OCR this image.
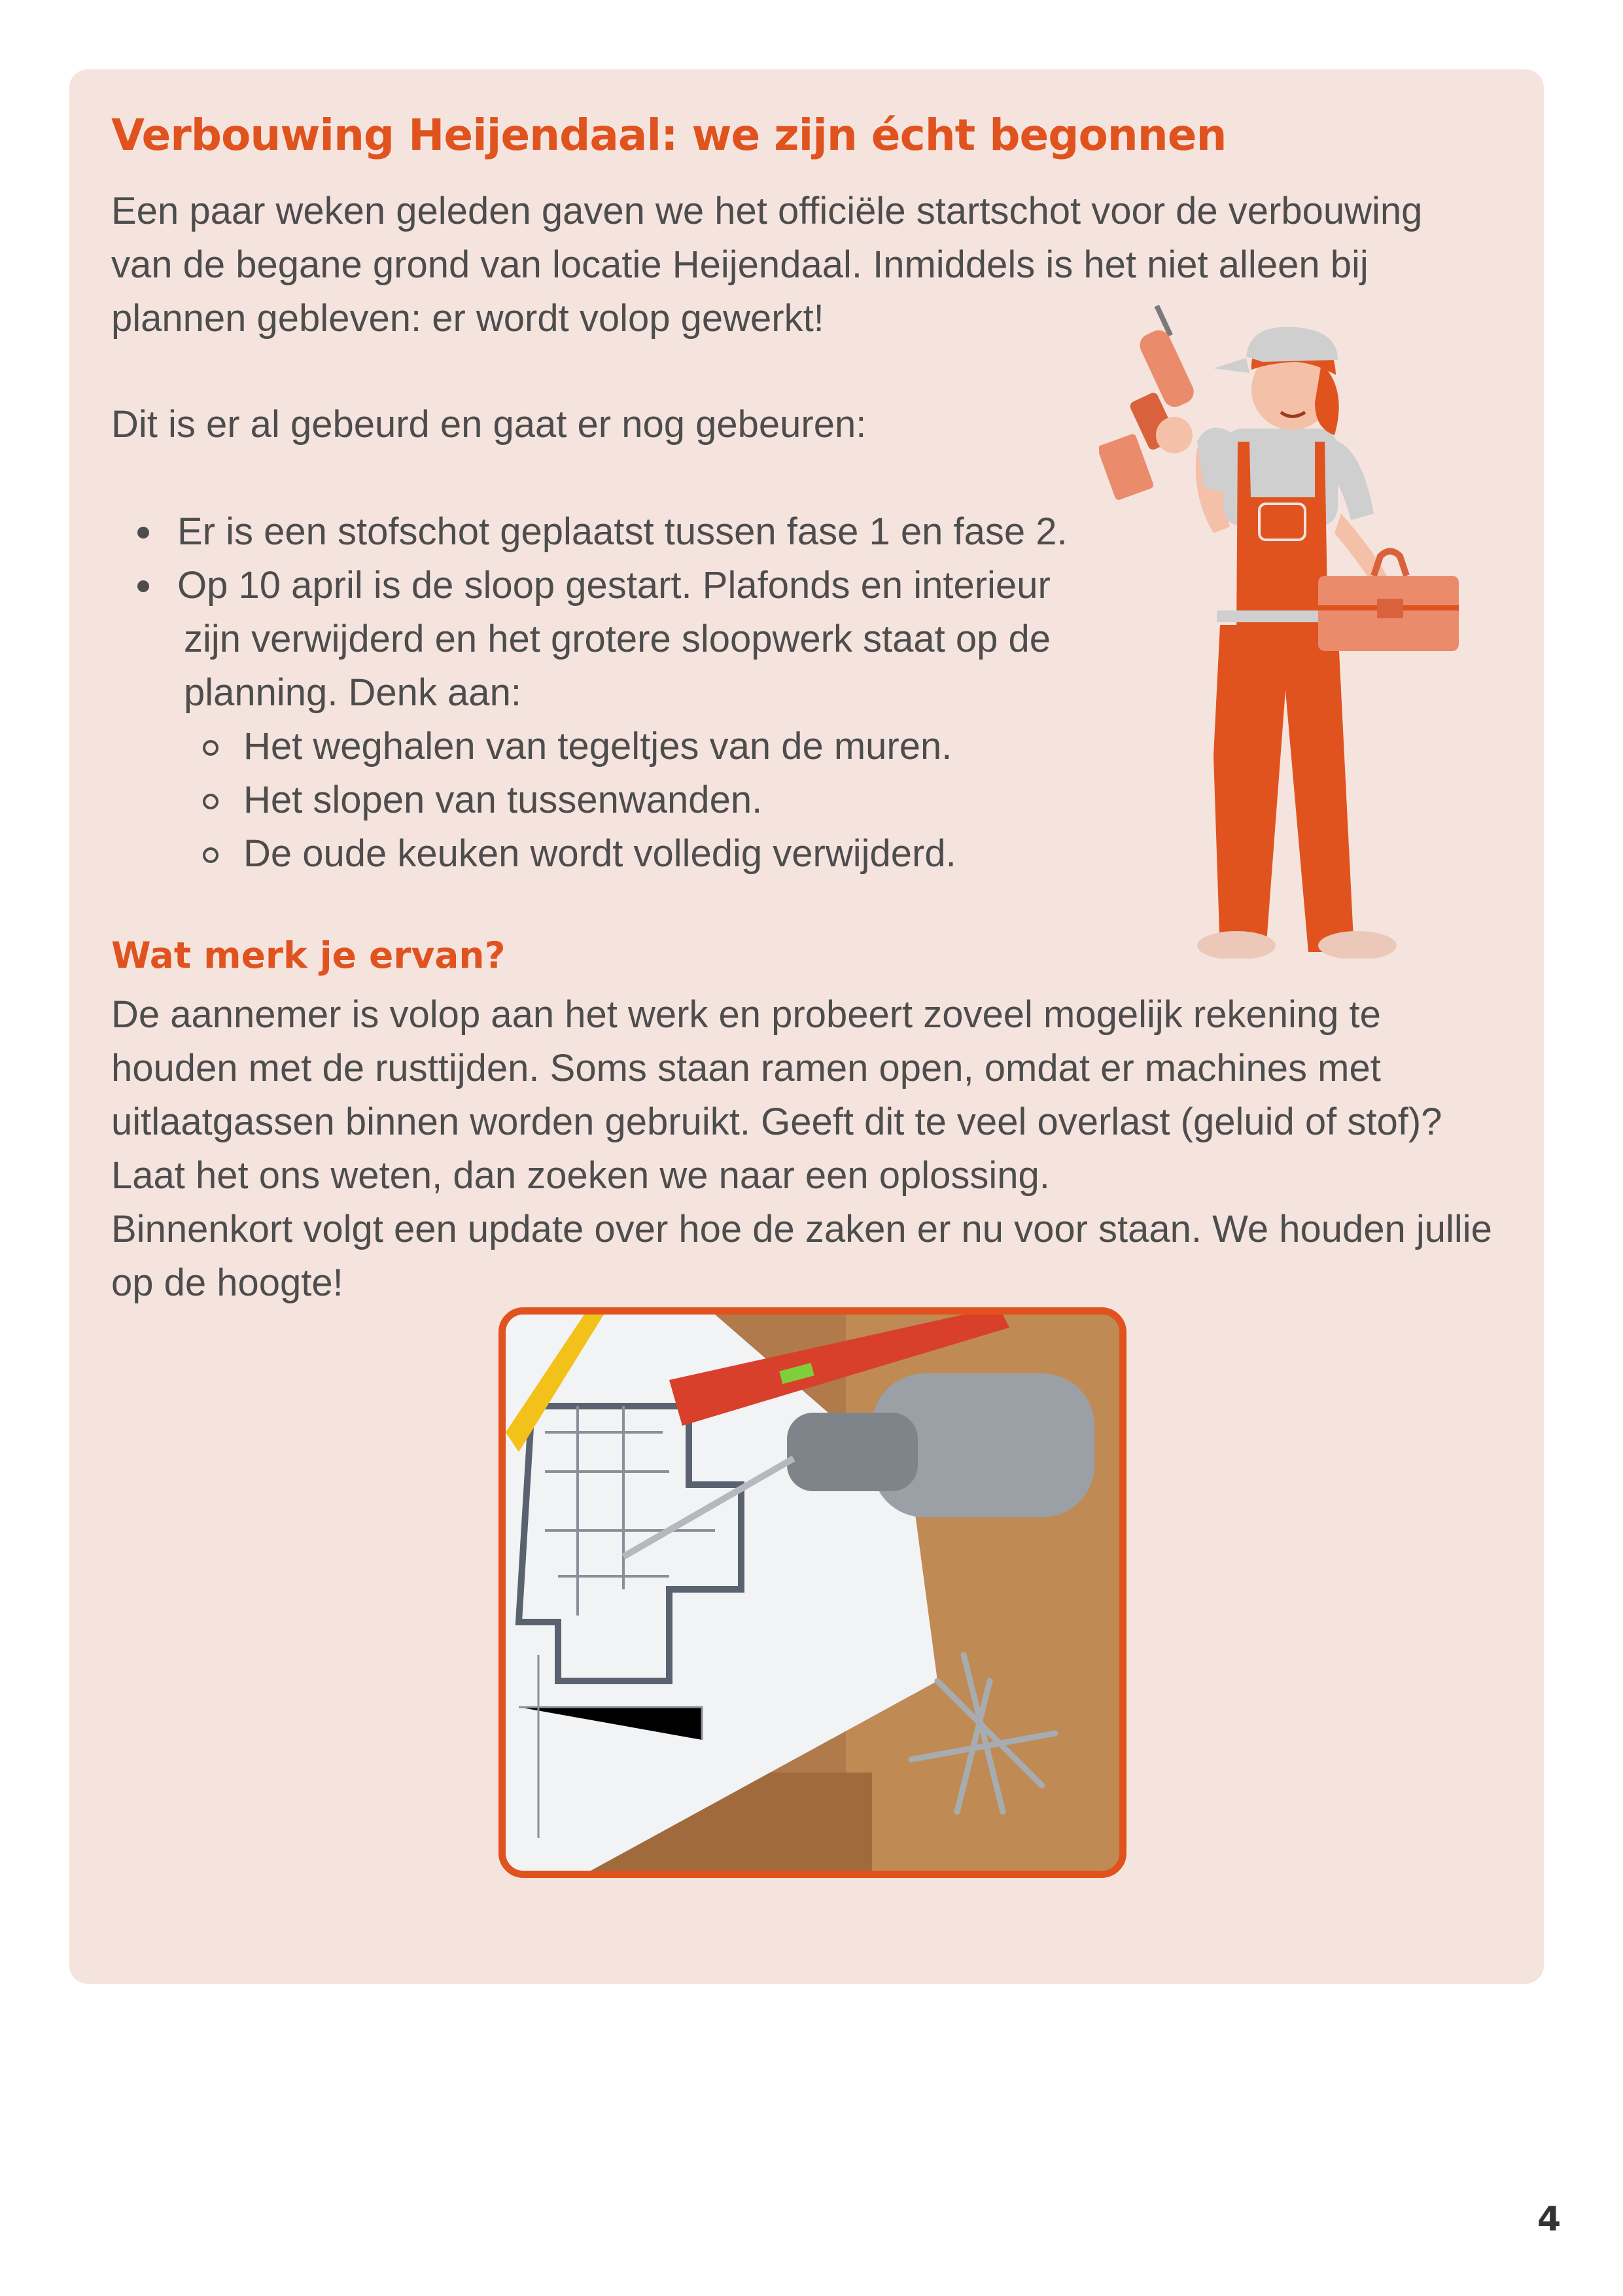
Verbouwing Heijendaal: we zijn écht begonnen

Een paar weken geleden gaven we het officiële startschot voor de verbouwing van de begane grond van locatie Heijendaal. Inmiddels is het niet alleen bij plannen gebleven: er wordt volop gewerkt!

Dit is er al gebeurd en gaat er nog gebeuren:

Er is een stofschot geplaatst tussen fase 1 en fase 2.
Op 10 april is de sloop gestart. Plafonds en interieur
zijn verwijderd en het grotere sloopwerk staat op de planning. Denk aan:
Het weghalen van tegeltjes van de muren.
Het slopen van tussenwanden.
De oude keuken wordt volledig verwijderd.
Wat merk je ervan?

De aannemer is volop aan het werk en probeert zoveel mogelijk rekening te houden met de rusttijden. Soms staan ramen open, omdat er machines met uitlaatgassen binnen worden gebruikt. Geeft dit te veel overlast (geluid of stof)? Laat het ons weten, dan zoeken we naar een oplossing.
Binnenkort volgt een update over hoe de zaken er nu voor staan. We houden jullie op de hoogte!

4
